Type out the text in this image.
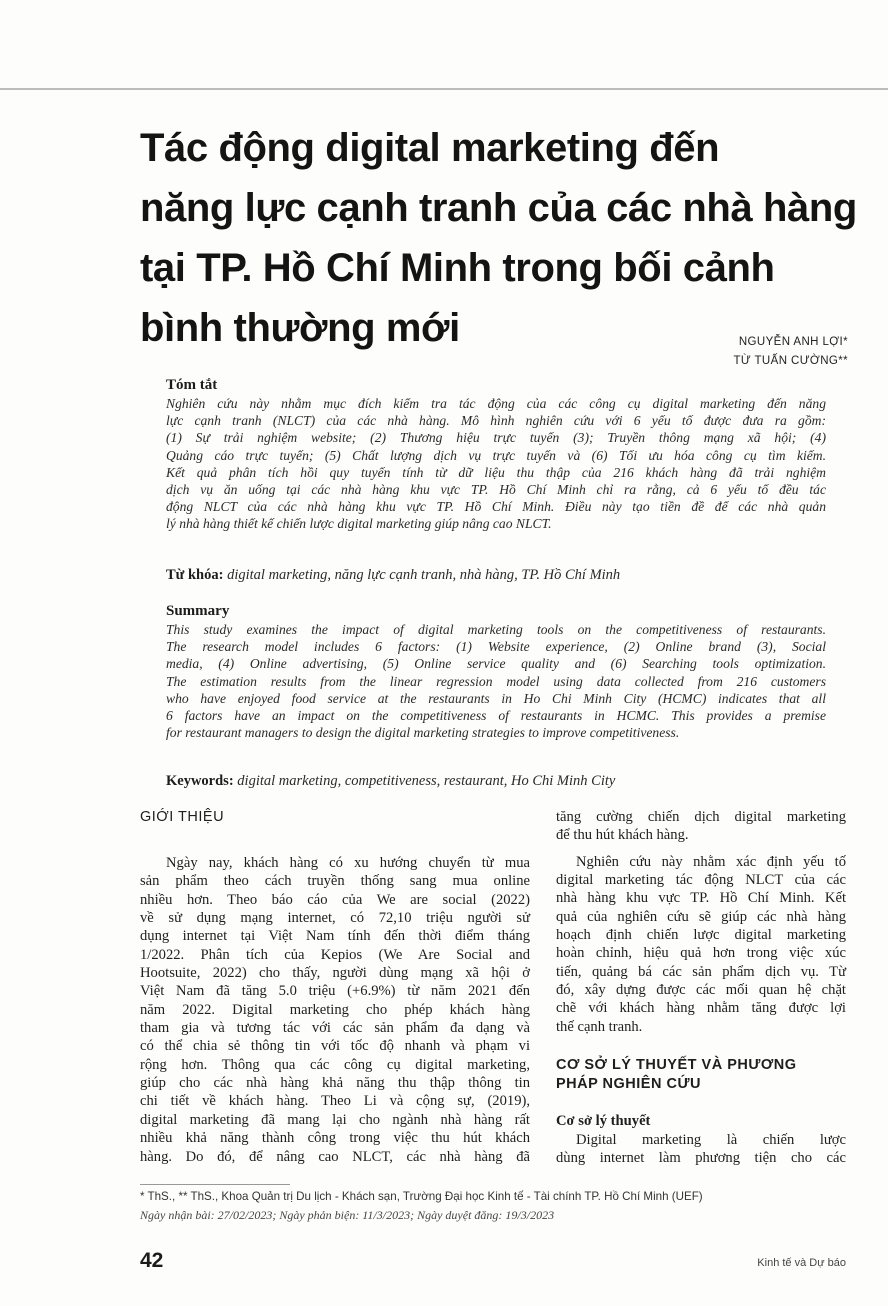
Tác động digital marketing đến
năng lực cạnh tranh của các nhà hàng
tại TP. Hồ Chí Minh trong bối cảnh
bình thường mới	NGUYỄN ANH LỢI*
TỪ TUẤN CƯỜNG**
Tóm tắt
Nghiên cứu này nhằm mục đích kiểm tra tác động của các công cụ digital marketing đến năng
lực cạnh tranh (NLCT) của các nhà hàng. Mô hình nghiên cứu với 6 yếu tố được đưa ra gồm:
(1) Sự trải nghiệm website; (2) Thương hiệu trực tuyến (3); Truyền thông mạng xã hội; (4)
Quảng cáo trực tuyến; (5) Chất lượng dịch vụ trực tuyến và (6) Tối ưu hóa công cụ tìm kiếm.
Kết quả phân tích hồi quy tuyến tính từ dữ liệu thu thập của 216 khách hàng đã trải nghiệm
dịch vụ ăn uống tại các nhà hàng khu vực TP. Hồ Chí Minh chỉ ra rằng, cả 6 yếu tố đều tác
động NLCT của các nhà hàng khu vực TP. Hồ Chí Minh. Điều này tạo tiền đề để các nhà quản
lý nhà hàng thiết kế chiến lược digital marketing giúp nâng cao NLCT.
Từ khóa: digital marketing, năng lực cạnh tranh, nhà hàng, TP. Hồ Chí Minh
Summary
This study examines the impact of digital marketing tools on the competitiveness of restaurants.
The research model includes 6 factors: (1) Website experience, (2) Online brand (3), Social
media, (4) Online advertising, (5) Online service quality and (6) Searching tools optimization.
The estimation results from the linear regression model using data collected from 216 customers
who have enjoyed food service at the restaurants in Ho Chi Minh City (HCMC) indicates that all
6 factors have an impact on the competitiveness of restaurants in HCMC. This provides a premise
for restaurant managers to design the digital marketing strategies to improve competitiveness.
Keywords: digital marketing, competitiveness, restaurant, Ho Chi Minh City
GIỚI THIỆU
Ngày nay, khách hàng có xu hướng chuyển từ mua
sản phẩm theo cách truyền thống sang mua online
nhiều hơn. Theo báo cáo của We are social (2022)
về sử dụng mạng internet, có 72,10 triệu người sử
dụng internet tại Việt Nam tính đến thời điểm tháng
1/2022. Phân tích của Kepios (We Are Social and
Hootsuite, 2022) cho thấy, người dùng mạng xã hội ở
Việt Nam đã tăng 5.0 triệu (+6.9%) từ năm 2021 đến
năm 2022. Digital marketing cho phép khách hàng
tham gia và tương tác với các sản phẩm đa dạng và
có thể chia sẻ thông tin với tốc độ nhanh và phạm vi
rộng hơn. Thông qua các công cụ digital marketing,
giúp cho các nhà hàng khả năng thu thập thông tin
chi tiết về khách hàng. Theo Li và cộng sự, (2019),
digital marketing đã mang lại cho ngành nhà hàng rất
nhiều khả năng thành công trong việc thu hút khách
hàng. Do đó, để nâng cao NLCT, các nhà hàng đã
tăng cường chiến dịch digital marketing
để thu hút khách hàng.
Nghiên cứu này nhằm xác định yếu tố
digital marketing tác động NLCT của các
nhà hàng khu vực TP. Hồ Chí Minh. Kết
quả của nghiên cứu sẽ giúp các nhà hàng
hoạch định chiến lược digital marketing
hoàn chỉnh, hiệu quả hơn trong việc xúc
tiến, quảng bá các sản phẩm dịch vụ. Từ
đó, xây dựng được các mối quan hệ chặt
chẽ với khách hàng nhằm tăng được lợi
thế cạnh tranh.
CƠ SỞ LÝ THUYẾT VÀ PHƯƠNG
PHÁP NGHIÊN CỨU
Cơ sở lý thuyết
Digital marketing là chiến lược
dùng internet làm phương tiện cho các
* ThS., ** ThS., Khoa Quản trị Du lịch - Khách sạn, Trường Đại học Kinh tế - Tài chính TP. Hồ Chí Minh (UEF)
Ngày nhận bài: 27/02/2023; Ngày phản biện: 11/3/2023; Ngày duyệt đăng: 19/3/2023
42	Kinh tế và Dự báo
